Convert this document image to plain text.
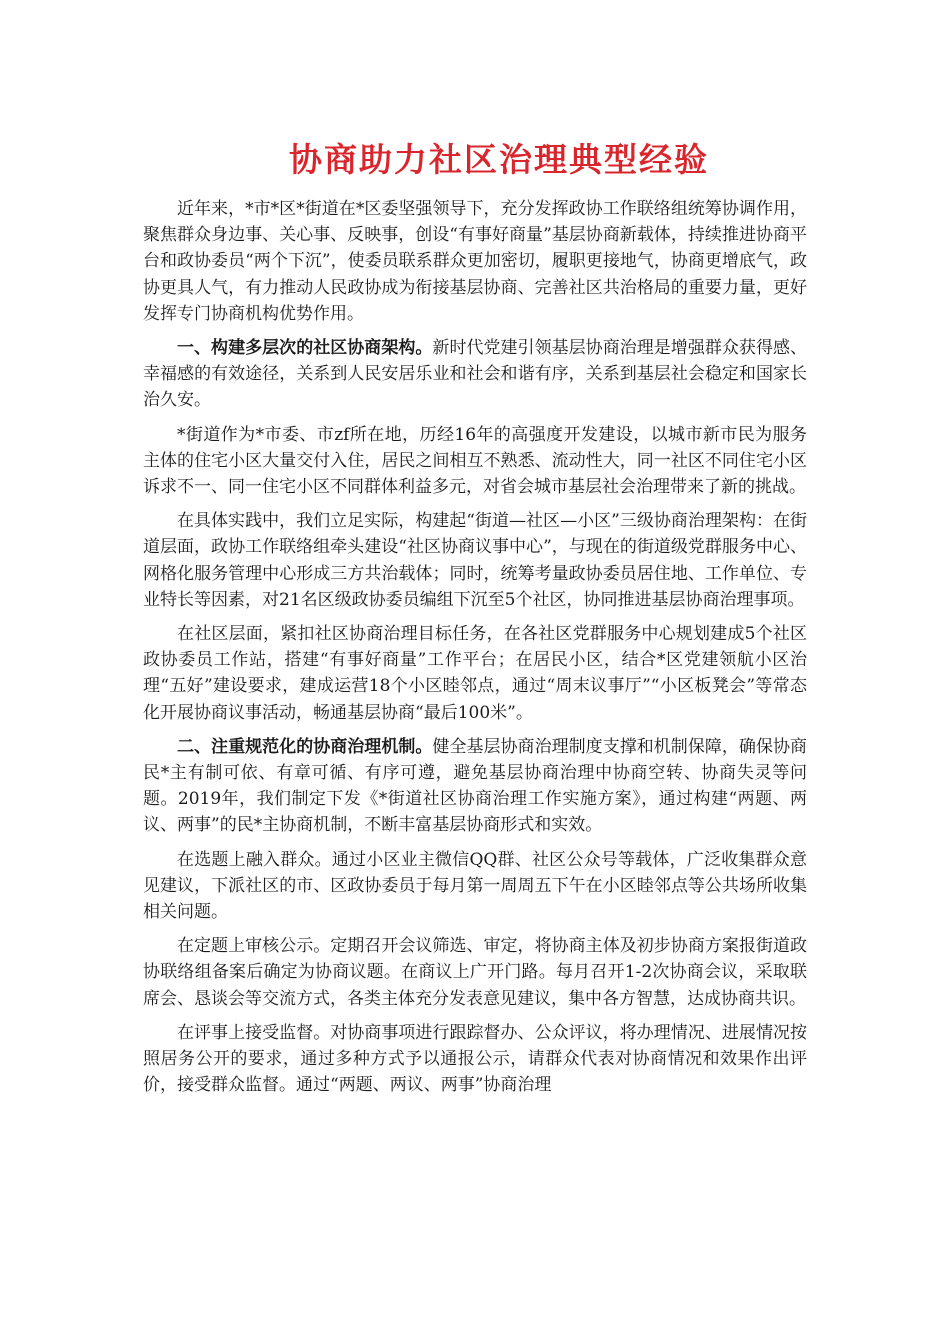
协商助力社区治理典型经验

近年来，*市*区*街道在*区委坚强领导下，充分发挥政协工作联络组统筹协调作用，聚焦群众身边事、关心事、反映事，创设“有事好商量”基层协商新载体，持续推进协商平台和政协委员“两个下沉”，使委员联系群众更加密切，履职更接地气，协商更增底气，政协更具人气，有力推动人民政协成为衔接基层协商、完善社区共治格局的重要力量，更好发挥专门协商机构优势作用。

一、构建多层次的社区协商架构。新时代党建引领基层协商治理是增强群众获得感、幸福感的有效途径，关系到人民安居乐业和社会和谐有序，关系到基层社会稳定和国家长治久安。

*街道作为*市委、市zf所在地，历经16年的高强度开发建设，以城市新市民为服务主体的住宅小区大量交付入住，居民之间相互不熟悉、流动性大，同一社区不同住宅小区诉求不一、同一住宅小区不同群体利益多元，对省会城市基层社会治理带来了新的挑战。

在具体实践中，我们立足实际，构建起“街道—社区—小区”三级协商治理架构：在街道层面，政协工作联络组牵头建设“社区协商议事中心”，与现在的街道级党群服务中心、网格化服务管理中心形成三方共治载体；同时，统筹考量政协委员居住地、工作单位、专业特长等因素，对21名区级政协委员编组下沉至5个社区，协同推进基层协商治理事项。

在社区层面，紧扣社区协商治理目标任务，在各社区党群服务中心规划建成5个社区政协委员工作站，搭建“有事好商量”工作平台；在居民小区，结合*区党建领航小区治理“五好”建设要求，建成运营18个小区睦邻点，通过“周末议事厅”“小区板凳会”等常态化开展协商议事活动，畅通基层协商“最后100米”。

二、注重规范化的协商治理机制。健全基层协商治理制度支撑和机制保障，确保协商民*主有制可依、有章可循、有序可遵，避免基层协商治理中协商空转、协商失灵等问题。2019年，我们制定下发《*街道社区协商治理工作实施方案》，通过构建“两题、两议、两事”的民*主协商机制，不断丰富基层协商形式和实效。

在选题上融入群众。通过小区业主微信QQ群、社区公众号等载体，广泛收集群众意见建议，下派社区的市、区政协委员于每月第一周周五下午在小区睦邻点等公共场所收集相关问题。

在定题上审核公示。定期召开会议筛选、审定，将协商主体及初步协商方案报街道政协联络组备案后确定为协商议题。在商议上广开门路。每月召开1-2次协商会议，采取联席会、恳谈会等交流方式，各类主体充分发表意见建议，集中各方智慧，达成协商共识。

在评事上接受监督。对协商事项进行跟踪督办、公众评议，将办理情况、进展情况按照居务公开的要求，通过多种方式予以通报公示，请群众代表对协商情况和效果作出评价，接受群众监督。通过“两题、两议、两事”协商治理
